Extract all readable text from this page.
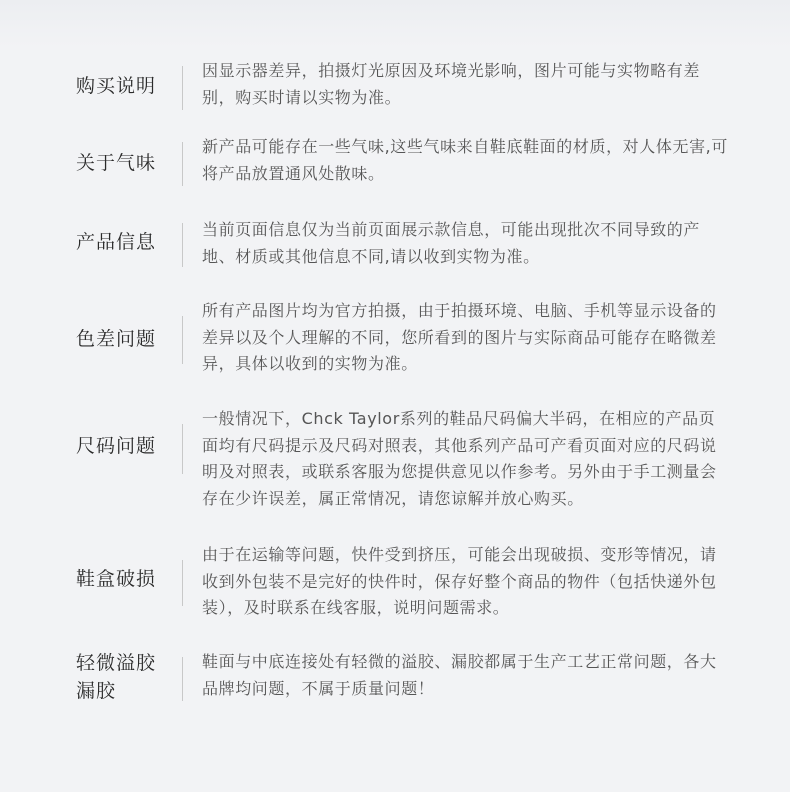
购买说明
因显示器差异，拍摄灯光原因及环境光影响，图片可能与实物略有差别，购买时请以实物为准。
关于气味
新产品可能存在一些气味,这些气味来自鞋底鞋面的材质，对人体无害,可将产品放置通风处散味。
产品信息
当前页面信息仅为当前页面展示款信息，可能出现批次不同导致的产地、材质或其他信息不同,请以收到实物为准。
色差问题
所有产品图片均为官方拍摄，由于拍摄环境、电脑、手机等显示设备的差异以及个人理解的不同，您所看到的图片与实际商品可能存在略微差异，具体以收到的实物为准。
尺码问题
一般情况下，Chck Taylor系列的鞋品尺码偏大半码，在相应的产品页面均有尺码提示及尺码对照表，其他系列产品可产看页面对应的尺码说明及对照表，或联系客服为您提供意见以作参考。另外由于手工测量会存在少许误差，属正常情况，请您谅解并放心购买。
鞋盒破损
由于在运输等问题，快件受到挤压，可能会出现破损、变形等情况，请收到外包装不是完好的快件时，保存好整个商品的物件（包括快递外包装），及时联系在线客服，说明问题需求。
轻微溢胶漏胶
鞋面与中底连接处有轻微的溢胶、漏胶都属于生产工艺正常问题，各大品牌均问题，不属于质量问题！
